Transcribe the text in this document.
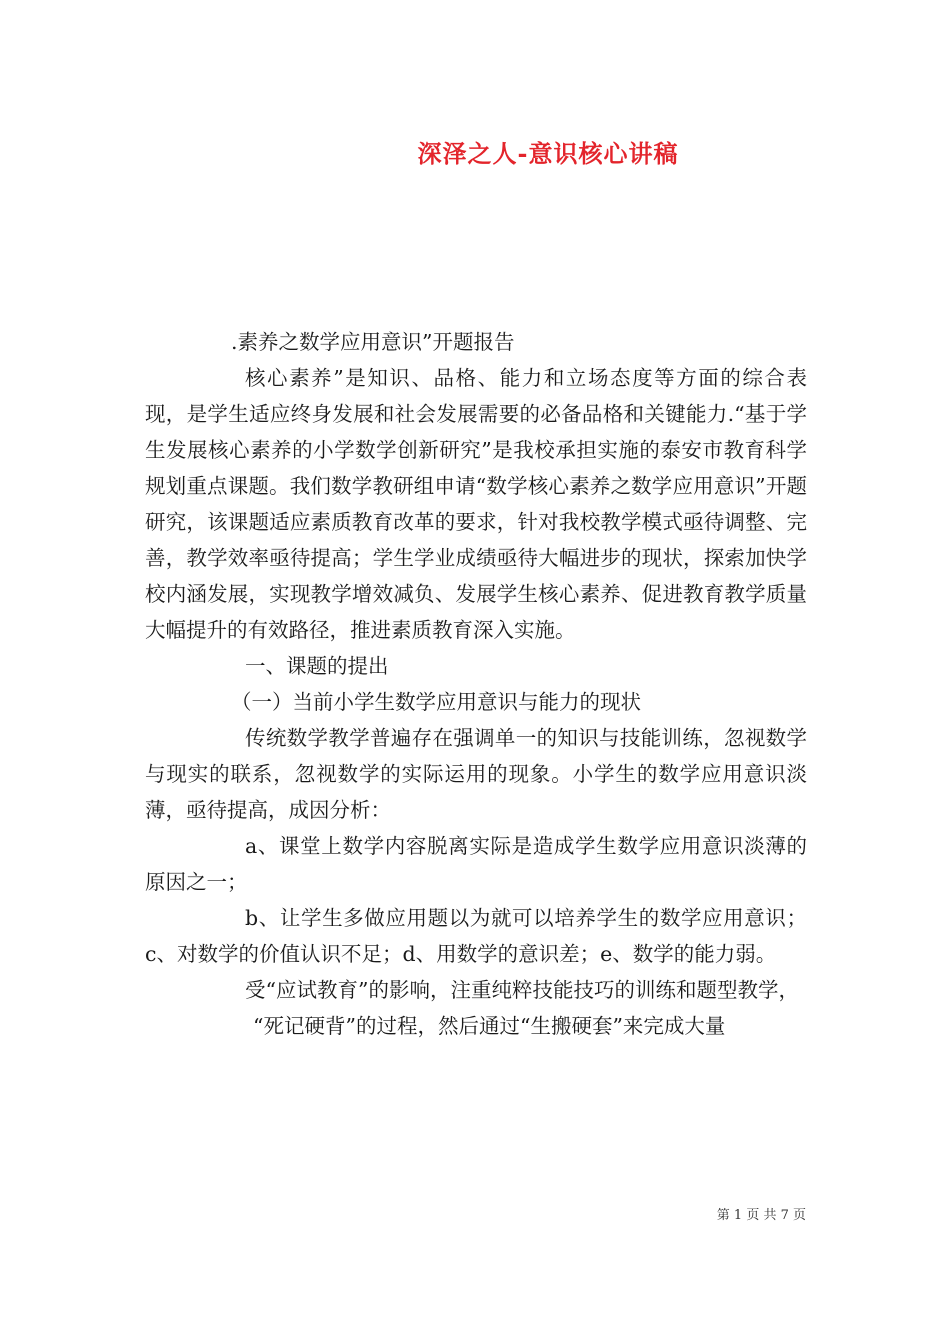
深泽之人-意识核心讲稿

.素养之数学应用意识”开题报告

核心素养”是知识、品格、能力和立场态度等方面的综合表现，是学生适应终身发展和社会发展需要的必备品格和关键能力.“基于学生发展核心素养的小学数学创新研究”是我校承担实施的泰安市教育科学规划重点课题。我们数学教研组申请“数学核心素养之数学应用意识”开题研究，该课题适应素质教育改革的要求，针对我校教学模式亟待调整、完善，教学效率亟待提高；学生学业成绩亟待大幅进步的现状，探索加快学校内涵发展，实现教学增效减负、发展学生核心素养、促进教育教学质量大幅提升的有效路径，推进素质教育深入实施。

一、课题的提出

（一）当前小学生数学应用意识与能力的现状

传统数学教学普遍存在强调单一的知识与技能训练，忽视数学与现实的联系，忽视数学的实际运用的现象。小学生的数学应用意识淡薄，亟待提高，成因分析：

a、课堂上数学内容脱离实际是造成学生数学应用意识淡薄的原因之一；

b、让学生多做应用题以为就可以培养学生的数学应用意识；c、对数学的价值认识不足；d、用数学的意识差；e、数学的能力弱。

受“应试教育”的影响，注重纯粹技能技巧的训练和题型教学，

“死记硬背”的过程，然后通过“生搬硬套”来完成大量

第 1 页 共 7 页
